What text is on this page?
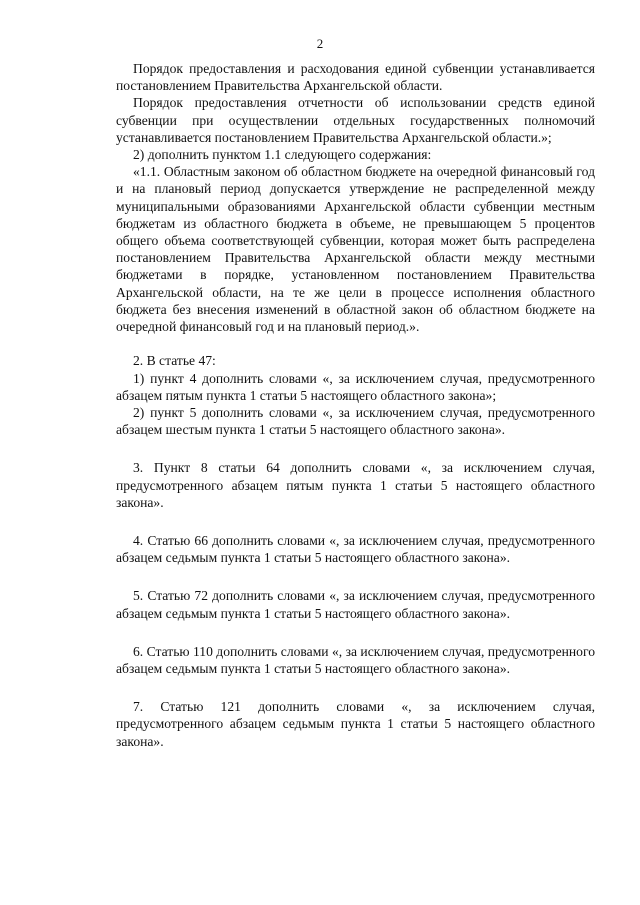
2

Порядок предоставления и расходования единой субвенции устанавливается постановлением Правительства Архангельской области.

Порядок предоставления отчетности об использовании средств единой субвенции при осуществлении отдельных государственных полномочий устанавливается постановлением Правительства Архангельской области.»;

2) дополнить пунктом 1.1 следующего содержания:

«1.1. Областным законом об областном бюджете на очередной финансовый год и на плановый период допускается утверждение не распределенной между муниципальными образованиями Архангельской области субвенции местным бюджетам из областного бюджета в объеме, не превышающем 5 процентов общего объема соответствующей субвенции, которая может быть распределена постановлением Правительства Архангельской области между местными бюджетами в порядке, установленном постановлением Правительства Архангельской области, на те же цели в процессе исполнения областного бюджета без внесения изменений в областной закон об областном бюджете на очередной финансовый год и на плановый период.».

2. В статье 47:

1) пункт 4 дополнить словами «, за исключением случая, предусмотренного абзацем пятым пункта 1 статьи 5 настоящего областного закона»;

2) пункт 5 дополнить словами «, за исключением случая, предусмотренного абзацем шестым пункта 1 статьи 5 настоящего областного закона».

3. Пункт 8 статьи 64 дополнить словами «, за исключением случая, предусмотренного абзацем пятым пункта 1 статьи 5 настоящего областного закона».

4. Статью 66 дополнить словами «, за исключением случая, предусмотренного абзацем седьмым пункта 1 статьи 5 настоящего областного закона».

5. Статью 72 дополнить словами «, за исключением случая, предусмотренного абзацем седьмым пункта 1 статьи 5 настоящего областного закона».

6. Статью 110 дополнить словами «, за исключением случая, предусмотренного абзацем седьмым пункта 1 статьи 5 настоящего областного закона».

7. Статью 121 дополнить словами «, за исключением случая, предусмотренного абзацем седьмым пункта 1 статьи 5 настоящего областного закона».
